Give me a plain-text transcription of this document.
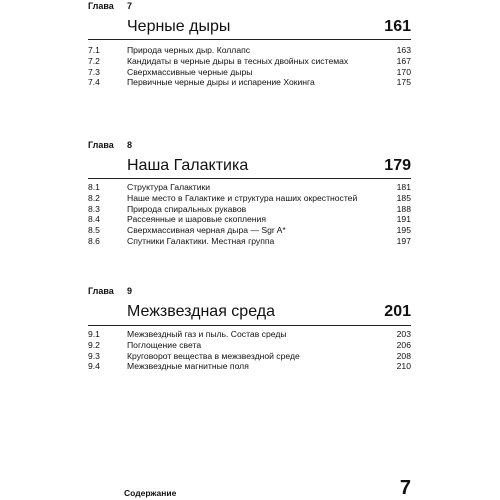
Глава 7
Черные дыры	161
7.1	Природа черных дыр. Коллапс	163
7.2	Кандидаты в черные дыры в тесных двойных системах	167
7.3	Сверхмассивные черные дыры	170
7.4	Первичные черные дыры и испарение Хокинга	175
Глава 8
Наша Галактика	179
8.1	Структура Галактики	181
8.2	Наше место в Галактике и структура наших окрестностей	185
8.3	Природа спиральных рукавов	188
8.4	Рассеянные и шаровые скопления	191
8.5	Сверхмассивная черная дыра — Sgr A*	195
8.6	Спутники Галактики. Местная группа	197
Глава 9
Межзвездная среда	201
9.1	Межзвездный газ и пыль. Состав среды	203
9.2	Поглощение света	206
9.3	Круговорот вещества в межзвездной среде	208
9.4	Межзвездные магнитные поля	210
Содержание	7
